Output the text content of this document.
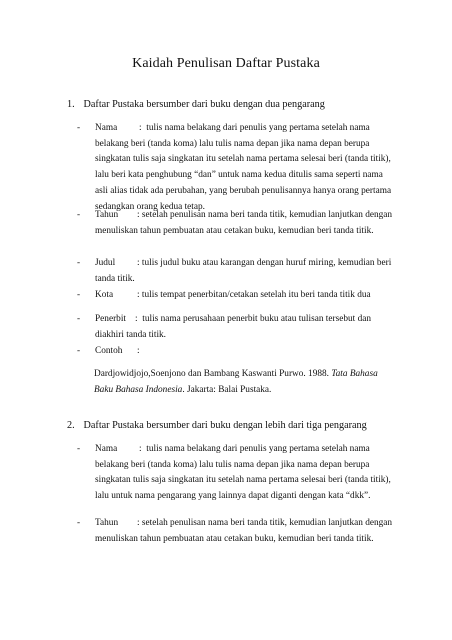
Kaidah Penulisan Daftar Pustaka
1. Daftar Pustaka bersumber dari buku dengan dua pengarang
-	Nama : tulis nama belakang dari penulis yang pertama setelah nama belakang beri (tanda koma) lalu tulis nama depan jika nama depan berupa singkatan tulis saja singkatan itu setelah nama pertama selesai beri (tanda titik), lalu beri kata penghubung “dan” untuk nama kedua ditulis sama seperti nama asli alias tidak ada perubahan, yang berubah penulisannya hanya orang pertama sedangkan orang kedua tetap.
-	Tahun : setelah penulisan nama beri tanda titik, kemudian lanjutkan dengan menuliskan tahun pembuatan atau cetakan buku, kemudian beri tanda titik.
-	Judul : tulis judul buku atau karangan dengan huruf miring, kemudian beri tanda titik.
-	Kota	: tulis tempat penerbitan/cetakan setelah itu beri tanda titik dua
-	Penerbit : tulis nama perusahaan penerbit buku atau tulisan tersebut dan diakhiri tanda titik.
-	Contoh :
Dardjowidjojo,Soenjono dan Bambang Kaswanti Purwo. 1988. Tata Bahasa Baku Bahasa Indonesia. Jakarta: Balai Pustaka.
2. Daftar Pustaka bersumber dari buku dengan lebih dari tiga pengarang
-	Nama : tulis nama belakang dari penulis yang pertama setelah nama belakang beri (tanda koma) lalu tulis nama depan jika nama depan berupa singkatan tulis saja singkatan itu setelah nama pertama selesai beri (tanda titik), lalu untuk nama pengarang yang lainnya dapat diganti dengan kata “dkk”.
-	Tahun : setelah penulisan nama beri tanda titik, kemudian lanjutkan dengan menuliskan tahun pembuatan atau cetakan buku, kemudian beri tanda titik.
